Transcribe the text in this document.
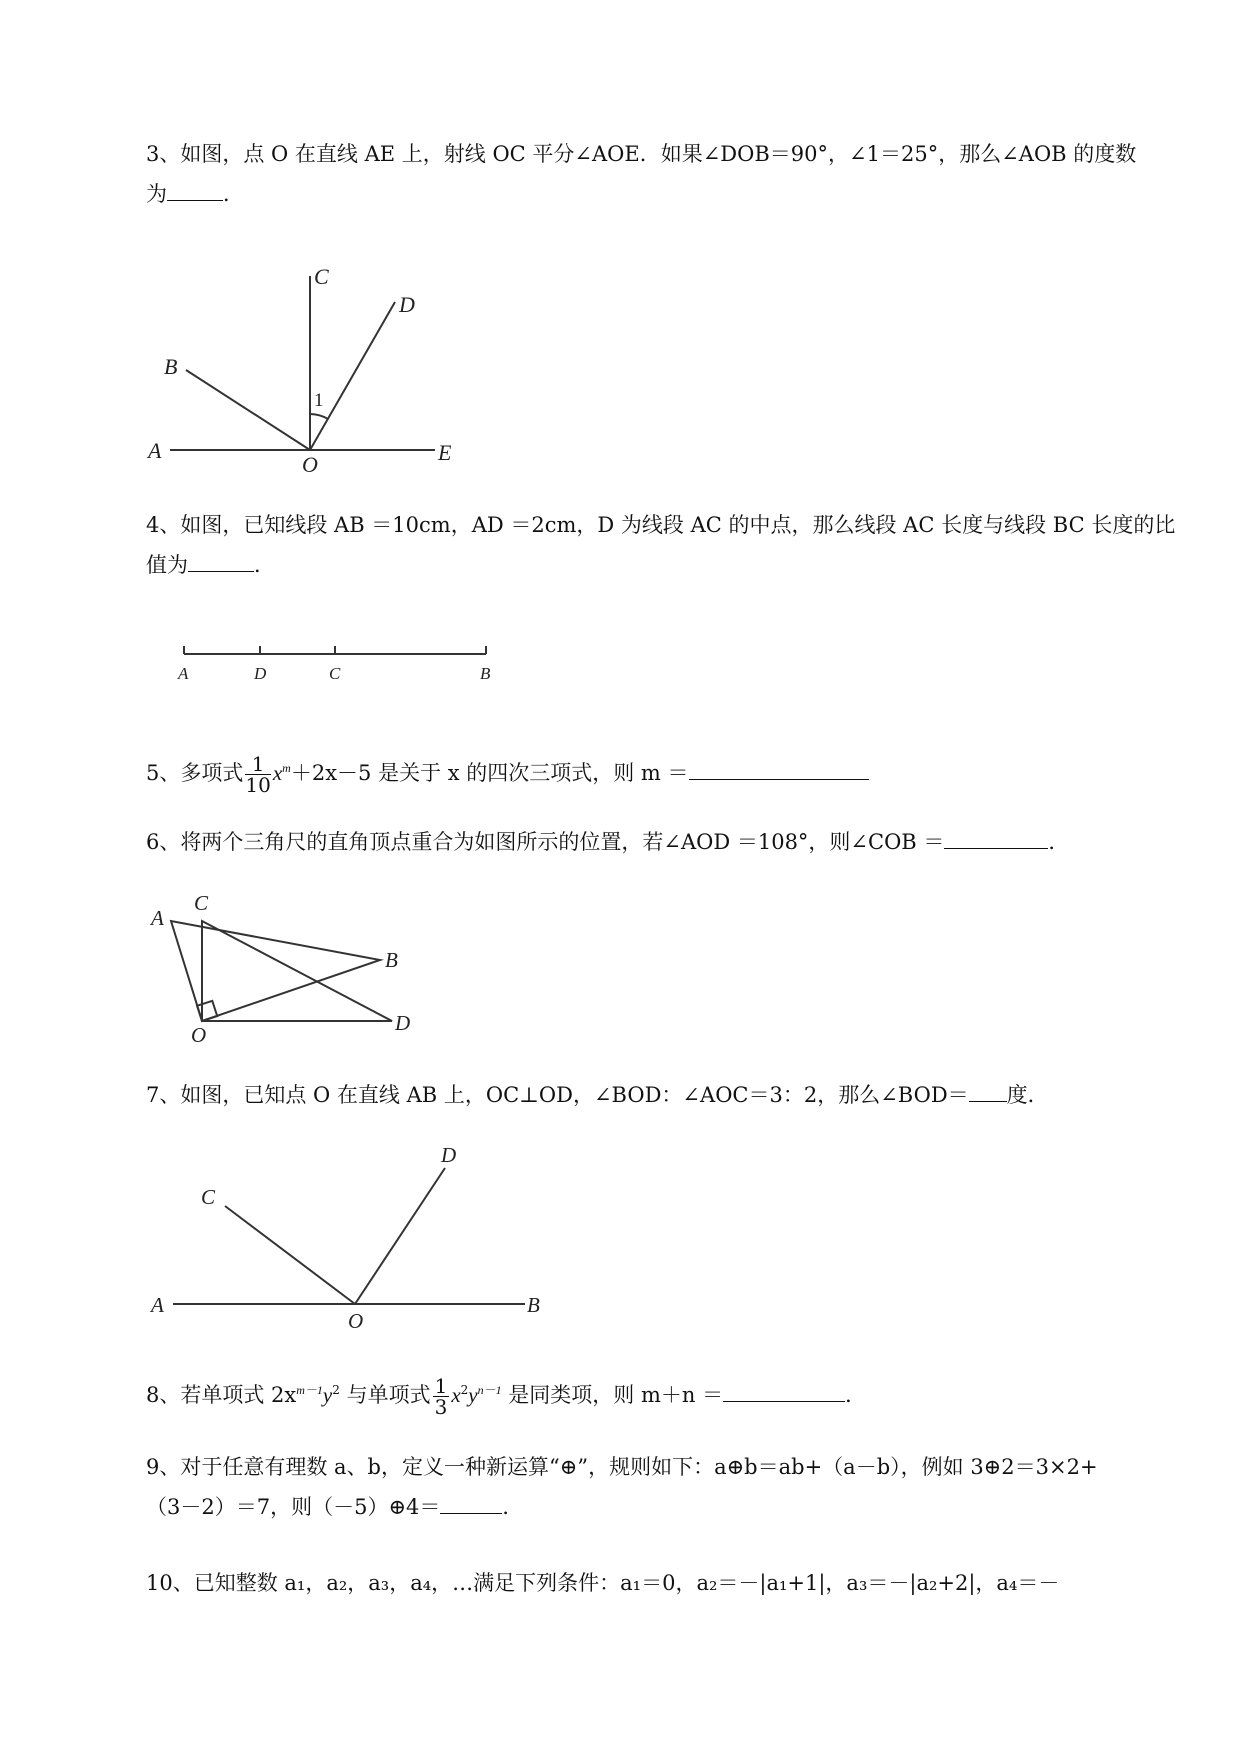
3、如图，点 O 在直线 AE 上，射线 OC 平分∠AOE．如果∠DOB＝90°，∠1＝25°，那么∠AOB 的度数
为	．
C
D
B
A	E
O
1
4、如图，已知线段 AB ＝10cm，AD ＝2cm，D 为线段 AC 的中点，那么线段 AC 长度与线段 BC 长度的比
值为	．
A	D	C	B
5、多项式 $\frac{1}{10} x^m+2x-5$ 是关于 x 的四次三项式，则 m ＝
6、将两个三角尺的直角顶点重合为如图所示的位置，若∠AOD ＝108°，则∠COB ＝	．
A
C
B
D
O
7、如图，已知点 O 在直线 AB 上，OC⊥OD，∠BOD：∠AOC＝3：2，那么∠BOD＝ 度．
A	B
C
D
O
8、若单项式 $2x^{m-1}y^2$ 与单项式 $\frac{1}{3} x^2y^{n-1}$ 是同类项，则 m＋n ＝	．
9、对于任意有理数 a、b，定义一种新运算“⊕”，规则如下：a⊕b＝ab+（a－b），例如 3⊕2＝3×2+
（3－2）＝7，则（－5）⊕4＝	．
10、已知整数 a₁，a₂，a₃，a₄，…满足下列条件：a₁＝0，a₂＝－|a₁+1|，a₃＝－|a₂+2|，a₄＝－
